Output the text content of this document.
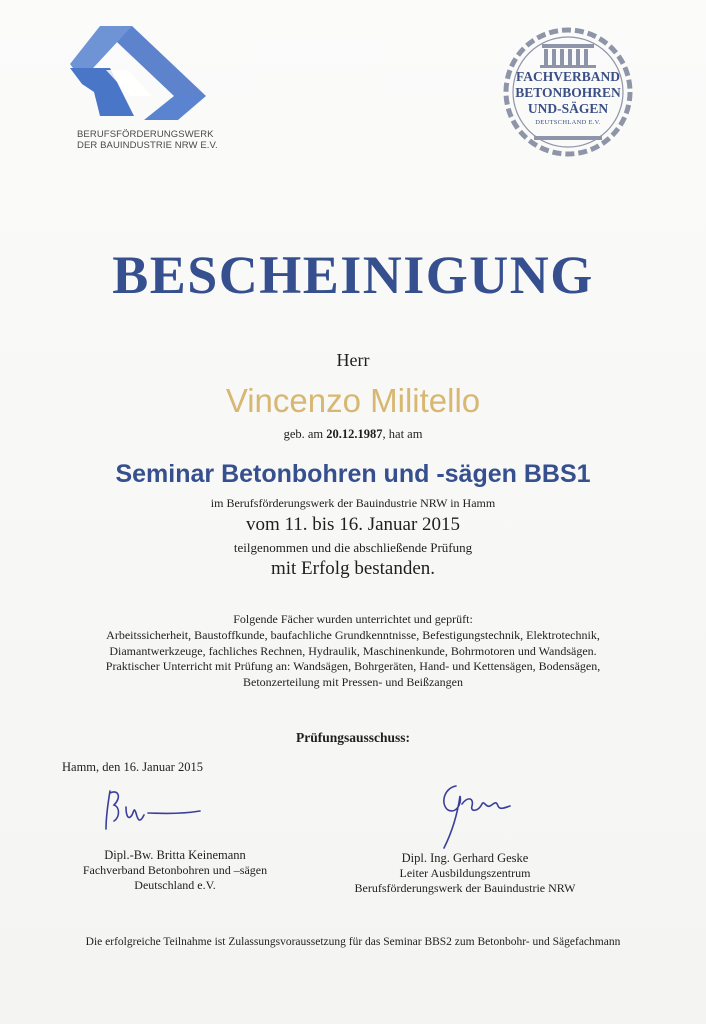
BERUFSFÖRDERUNGSWERK
DER BAUINDUSTRIE NRW E.V.
FACHVERBAND
BETONBOHREN
UND-SÄGEN
DEUTSCHLAND E.V.
BESCHEINIGUNG
Herr
Vincenzo Militello
geb. am 20.12.1987, hat am
Seminar Betonbohren und -sägen BBS1
im Berufsförderungswerk der Bauindustrie NRW in Hamm
vom 11. bis 16. Januar 2015
teilgenommen und die abschließende Prüfung
mit Erfolg bestanden.
Folgende Fächer wurden unterrichtet und geprüft:
Arbeitssicherheit, Baustoffkunde, baufachliche Grundkenntnisse, Befestigungstechnik, Elektrotechnik,
Diamantwerkzeuge, fachliches Rechnen, Hydraulik, Maschinenkunde, Bohrmotoren und Wandsägen.
Praktischer Unterricht mit Prüfung an: Wandsägen, Bohrgeräten, Hand- und Kettensägen, Bodensägen,
Betonzerteilung mit Pressen- und Beißzangen
Prüfungsausschuss:
Hamm, den 16. Januar 2015
Dipl.-Bw. Britta Keinemann
Fachverband Betonbohren und –sägen
Deutschland e.V.
Dipl. Ing. Gerhard Geske
Leiter Ausbildungszentrum
Berufsförderungswerk der Bauindustrie NRW
Die erfolgreiche Teilnahme ist Zulassungsvoraussetzung für das Seminar BBS2 zum Betonbohr- und Sägefachmann
